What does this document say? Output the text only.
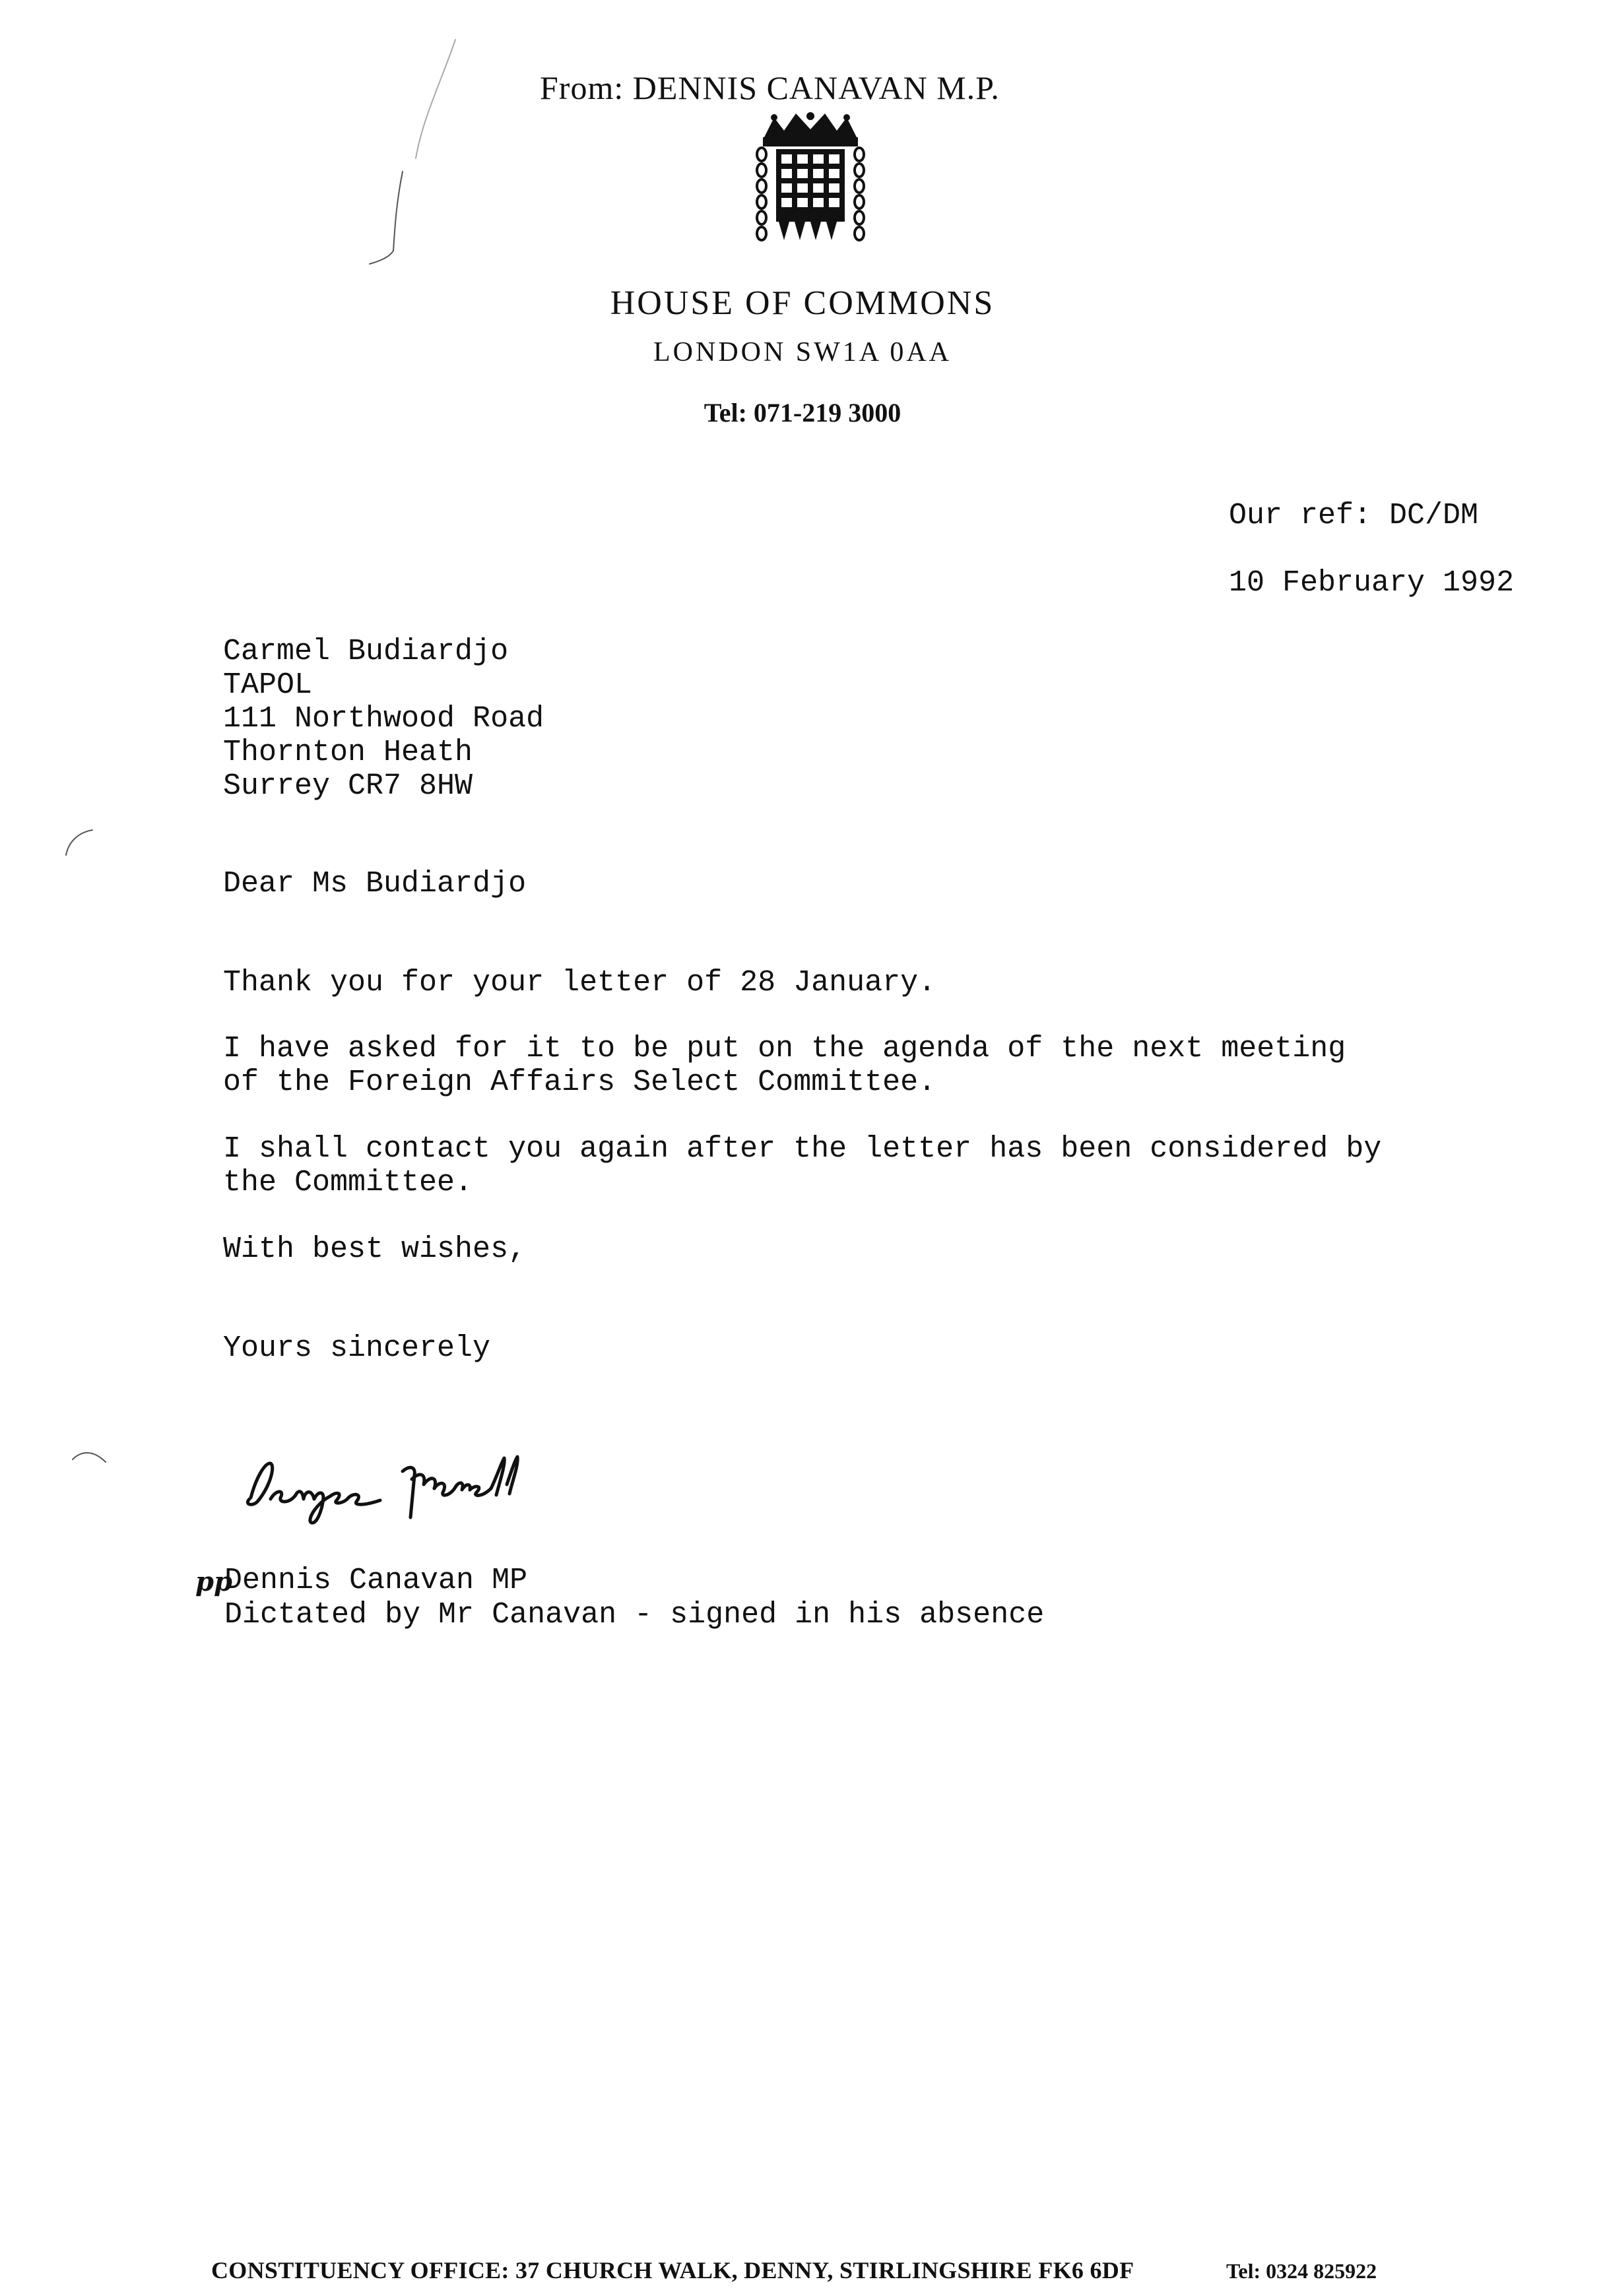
From: DENNIS CANAVAN M.P.
HOUSE OF COMMONS
LONDON SW1A 0AA
Tel: 071-219 3000
Our ref: DC/DM
10 February 1992
Carmel Budiardjo
TAPOL
111 Northwood Road
Thornton Heath
Surrey CR7 8HW
Dear Ms Budiardjo
Thank you for your letter of 28 January.
I have asked for it to be put on the agenda of the next meeting
of the Foreign Affairs Select Committee.
I shall contact you again after the letter has been considered by
the Committee.
With best wishes,
Yours sincerely
pp
Dennis Canavan MP
Dictated by Mr Canavan - signed in his absence
CONSTITUENCY OFFICE: 37 CHURCH WALK, DENNY, STIRLINGSHIRE FK6 6DF	Tel: 0324 825922
